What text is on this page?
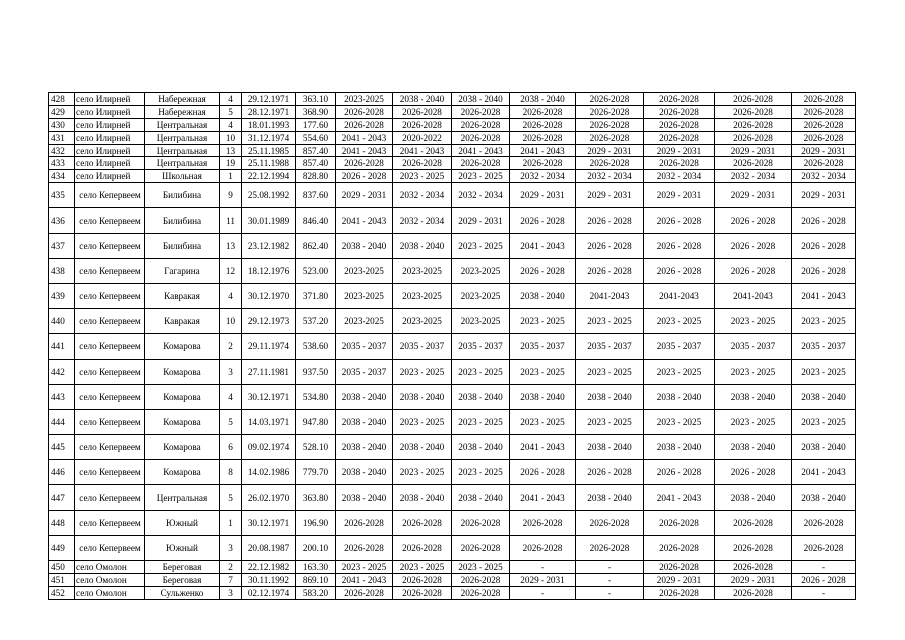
428	село Илирней	Набережная	4	29.12.1971	363.10	2023-2025	2038 - 2040	2038 - 2040	2038 - 2040	2026-2028	2026-2028	2026-2028	2026-2028
429	село Илирней	Набережная	5	28.12.1971	368.90	2026-2028	2026-2028	2026-2028	2026-2028	2026-2028	2026-2028	2026-2028	2026-2028
430	село Илирней	Центральная	4	18.01.1993	177.60	2026-2028	2026-2028	2026-2028	2026-2028	2026-2028	2026-2028	2026-2028	2026-2028
431	село Илирней	Центральная	10	31.12.1974	554.60	2041 - 2043	2020-2022	2026-2028	2026-2028	2026-2028	2026-2028	2026-2028	2026-2028
432	село Илирней	Центральная	13	25.11.1985	857.40	2041 - 2043	2041 - 2043	2041 - 2043	2041 - 2043	2029 - 2031	2029 - 2031	2029 - 2031	2029 - 2031
433	село Илирней	Центральная	19	25.11.1988	857.40	2026-2028	2026-2028	2026-2028	2026-2028	2026-2028	2026-2028	2026-2028	2026-2028
434	село Илирней	Школьная	1	22.12.1994	828.80	2026 - 2028	2023 - 2025	2023 - 2025	2032 - 2034	2032 - 2034	2032 - 2034	2032 - 2034	2032 - 2034
435	село Кепервеем	Билибина	9	25.08.1992	837.60	2029 - 2031	2032 - 2034	2032 - 2034	2029 - 2031	2029 - 2031	2029 - 2031	2029 - 2031	2029 - 2031
436	село Кепервеем	Билибина	11	30.01.1989	846.40	2041 - 2043	2032 - 2034	2029 - 2031	2026 - 2028	2026 - 2028	2026 - 2028	2026 - 2028	2026 - 2028
437	село Кепервеем	Билибина	13	23.12.1982	862.40	2038 - 2040	2038 - 2040	2023 - 2025	2041 - 2043	2026 - 2028	2026 - 2028	2026 - 2028	2026 - 2028
438	село Кепервеем	Гагарина	12	18.12.1976	523.00	2023-2025	2023-2025	2023-2025	2026 - 2028	2026 - 2028	2026 - 2028	2026 - 2028	2026 - 2028
439	село Кепервеем	Кавракая	4	30.12.1970	371.80	2023-2025	2023-2025	2023-2025	2038 - 2040	2041-2043	2041-2043	2041-2043	2041 - 2043
440	село Кепервеем	Кавракая	10	29.12.1973	537.20	2023-2025	2023-2025	2023-2025	2023 - 2025	2023 - 2025	2023 - 2025	2023 - 2025	2023 - 2025
441	село Кепервеем	Комарова	2	29.11.1974	538.60	2035 - 2037	2035 - 2037	2035 - 2037	2035 - 2037	2035 - 2037	2035 - 2037	2035 - 2037	2035 - 2037
442	село Кепервеем	Комарова	3	27.11.1981	937.50	2035 - 2037	2023 - 2025	2023 - 2025	2023 - 2025	2023 - 2025	2023 - 2025	2023 - 2025	2023 - 2025
443	село Кепервеем	Комарова	4	30.12.1971	534.80	2038 - 2040	2038 - 2040	2038 - 2040	2038 - 2040	2038 - 2040	2038 - 2040	2038 - 2040	2038 - 2040
444	село Кепервеем	Комарова	5	14.03.1971	947.80	2038 - 2040	2023 - 2025	2023 - 2025	2023 - 2025	2023 - 2025	2023 - 2025	2023 - 2025	2023 - 2025
445	село Кепервеем	Комарова	6	09.02.1974	528.10	2038 - 2040	2038 - 2040	2038 - 2040	2041 - 2043	2038 - 2040	2038 - 2040	2038 - 2040	2038 - 2040
446	село Кепервеем	Комарова	8	14.02.1986	779.70	2038 - 2040	2023 - 2025	2023 - 2025	2026 - 2028	2026 - 2028	2026 - 2028	2026 - 2028	2041 - 2043
447	село Кепервеем	Центральная	5	26.02.1970	363.80	2038 - 2040	2038 - 2040	2038 - 2040	2041 - 2043	2038 - 2040	2041 - 2043	2038 - 2040	2038 - 2040
448	село Кепервеем	Южный	1	30.12.1971	196.90	2026-2028	2026-2028	2026-2028	2026-2028	2026-2028	2026-2028	2026-2028	2026-2028
449	село Кепервеем	Южный	3	20.08.1987	200.10	2026-2028	2026-2028	2026-2028	2026-2028	2026-2028	2026-2028	2026-2028	2026-2028
450	село Омолон	Береговая	2	22.12.1982	163.30	2023 - 2025	2023 - 2025	2023 - 2025	-	-	2026-2028	2026-2028	-
451	село Омолон	Береговая	7	30.11.1992	869.10	2041 - 2043	2026-2028	2026-2028	2029 - 2031	-	2029 - 2031	2029 - 2031	2026 - 2028
452	село Омолон	Сульженко	3	02.12.1974	583.20	2026-2028	2026-2028	2026-2028	-	-	2026-2028	2026-2028	-
